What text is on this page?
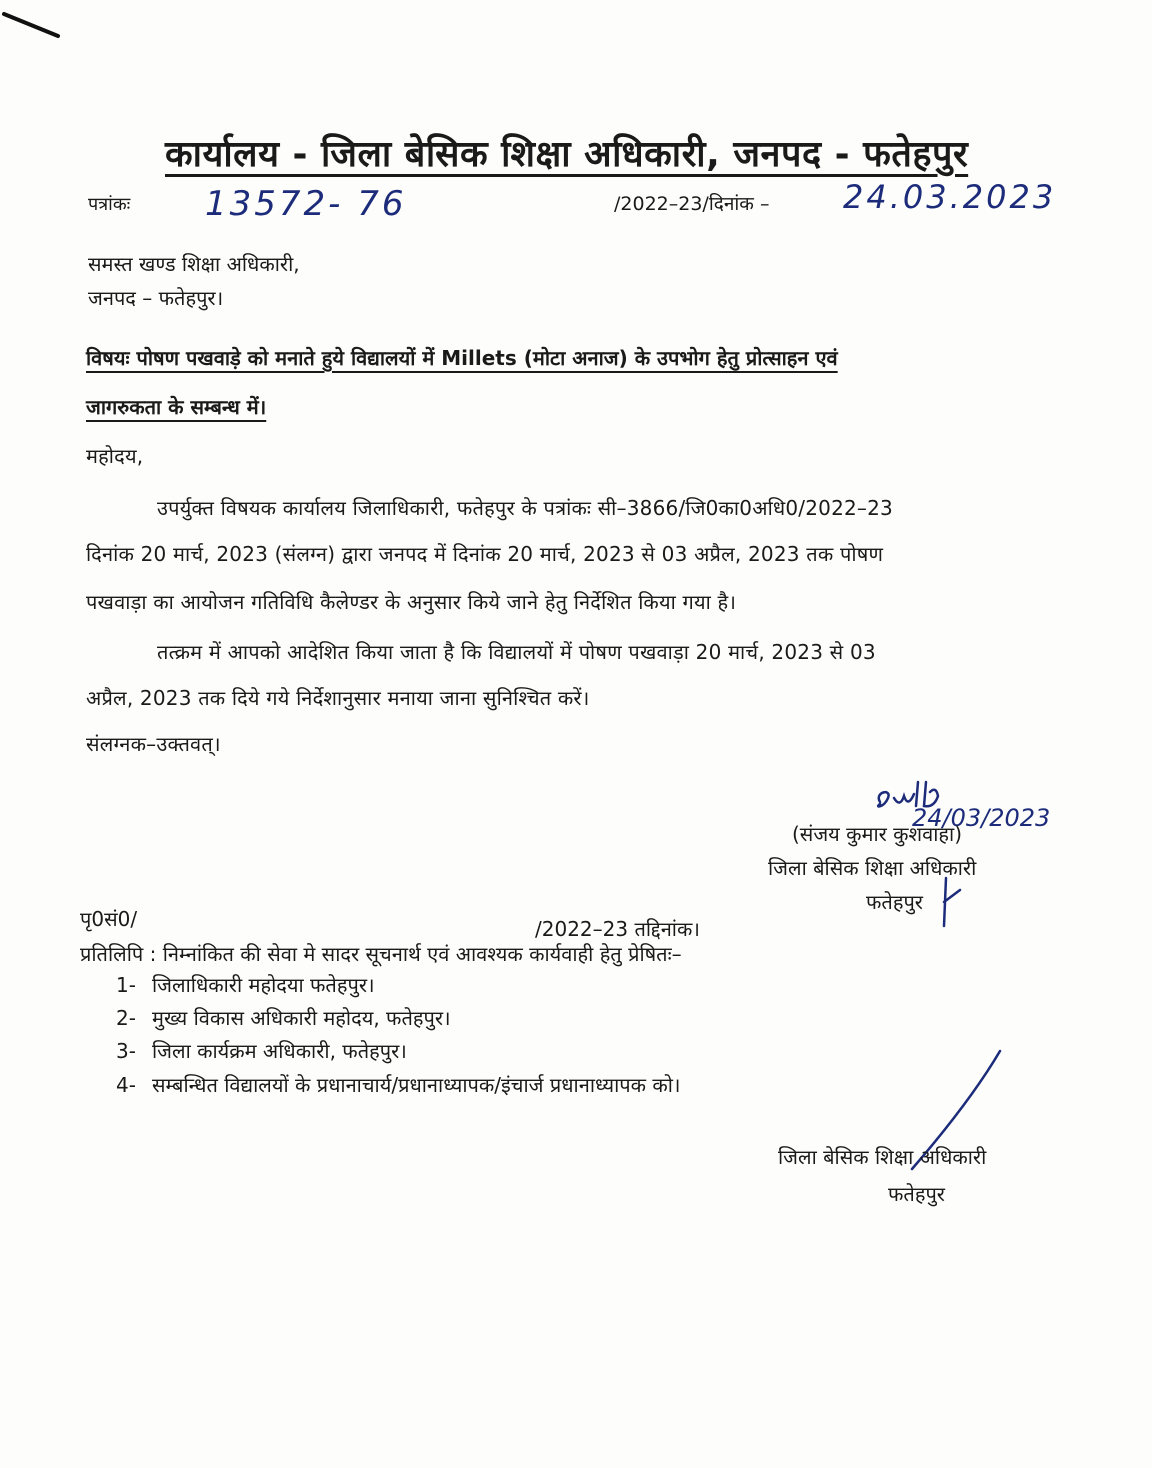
कार्यालय - जिला बेसिक शिक्षा अधिकारी, जनपद - फतेहपुर
पत्रांकः 13572- 76	/2022–23/दिनांक – 24.03.2023
समस्त खण्ड शिक्षा अधिकारी,
जनपद – फतेहपुर।
विषयः पोषण पखवाड़े को मनाते हुये विद्यालयों में Millets (मोटा अनाज) के उपभोग हेतु प्रोत्साहन एवं
जागरुकता के सम्बन्ध में।
महोदय,
उपर्युक्त विषयक कार्यालय जिलाधिकारी, फतेहपुर के पत्रांकः सी–3866/जि0का0अधि0/2022–23
दिनांक 20 मार्च, 2023 (संलग्न) द्वारा जनपद में दिनांक 20 मार्च, 2023 से 03 अप्रैल, 2023 तक पोषण
पखवाड़ा का आयोजन गतिविधि कैलेण्डर के अनुसार किये जाने हेतु निर्देशित किया गया है।
तत्क्रम में आपको आदेशित किया जाता है कि विद्यालयों में पोषण पखवाड़ा 20 मार्च, 2023 से 03
अप्रैल, 2023 तक दिये गये निर्देशानुसार मनाया जाना सुनिश्चित करें।
संलग्नक–उक्तवत्।
24/03/2023
(संजय कुमार कुशवाहा)
जिला बेसिक शिक्षा अधिकारी
फतेहपुर
पृ0सं0/	/2022–23 तद्दिनांक।
प्रतिलिपि : निम्नांकित की सेवा मे सादर सूचनार्थ एवं आवश्यक कार्यवाही हेतु प्रेषितः–
1- जिलाधिकारी महोदया फतेहपुर।
2- मुख्य विकास अधिकारी महोदय, फतेहपुर।
3- जिला कार्यक्रम अधिकारी, फतेहपुर।
4- सम्बन्धित विद्यालयों के प्रधानाचार्य/प्रधानाध्यापक/इंचार्ज प्रधानाध्यापक को।
जिला बेसिक शिक्षा अधिकारी
फतेहपुर
